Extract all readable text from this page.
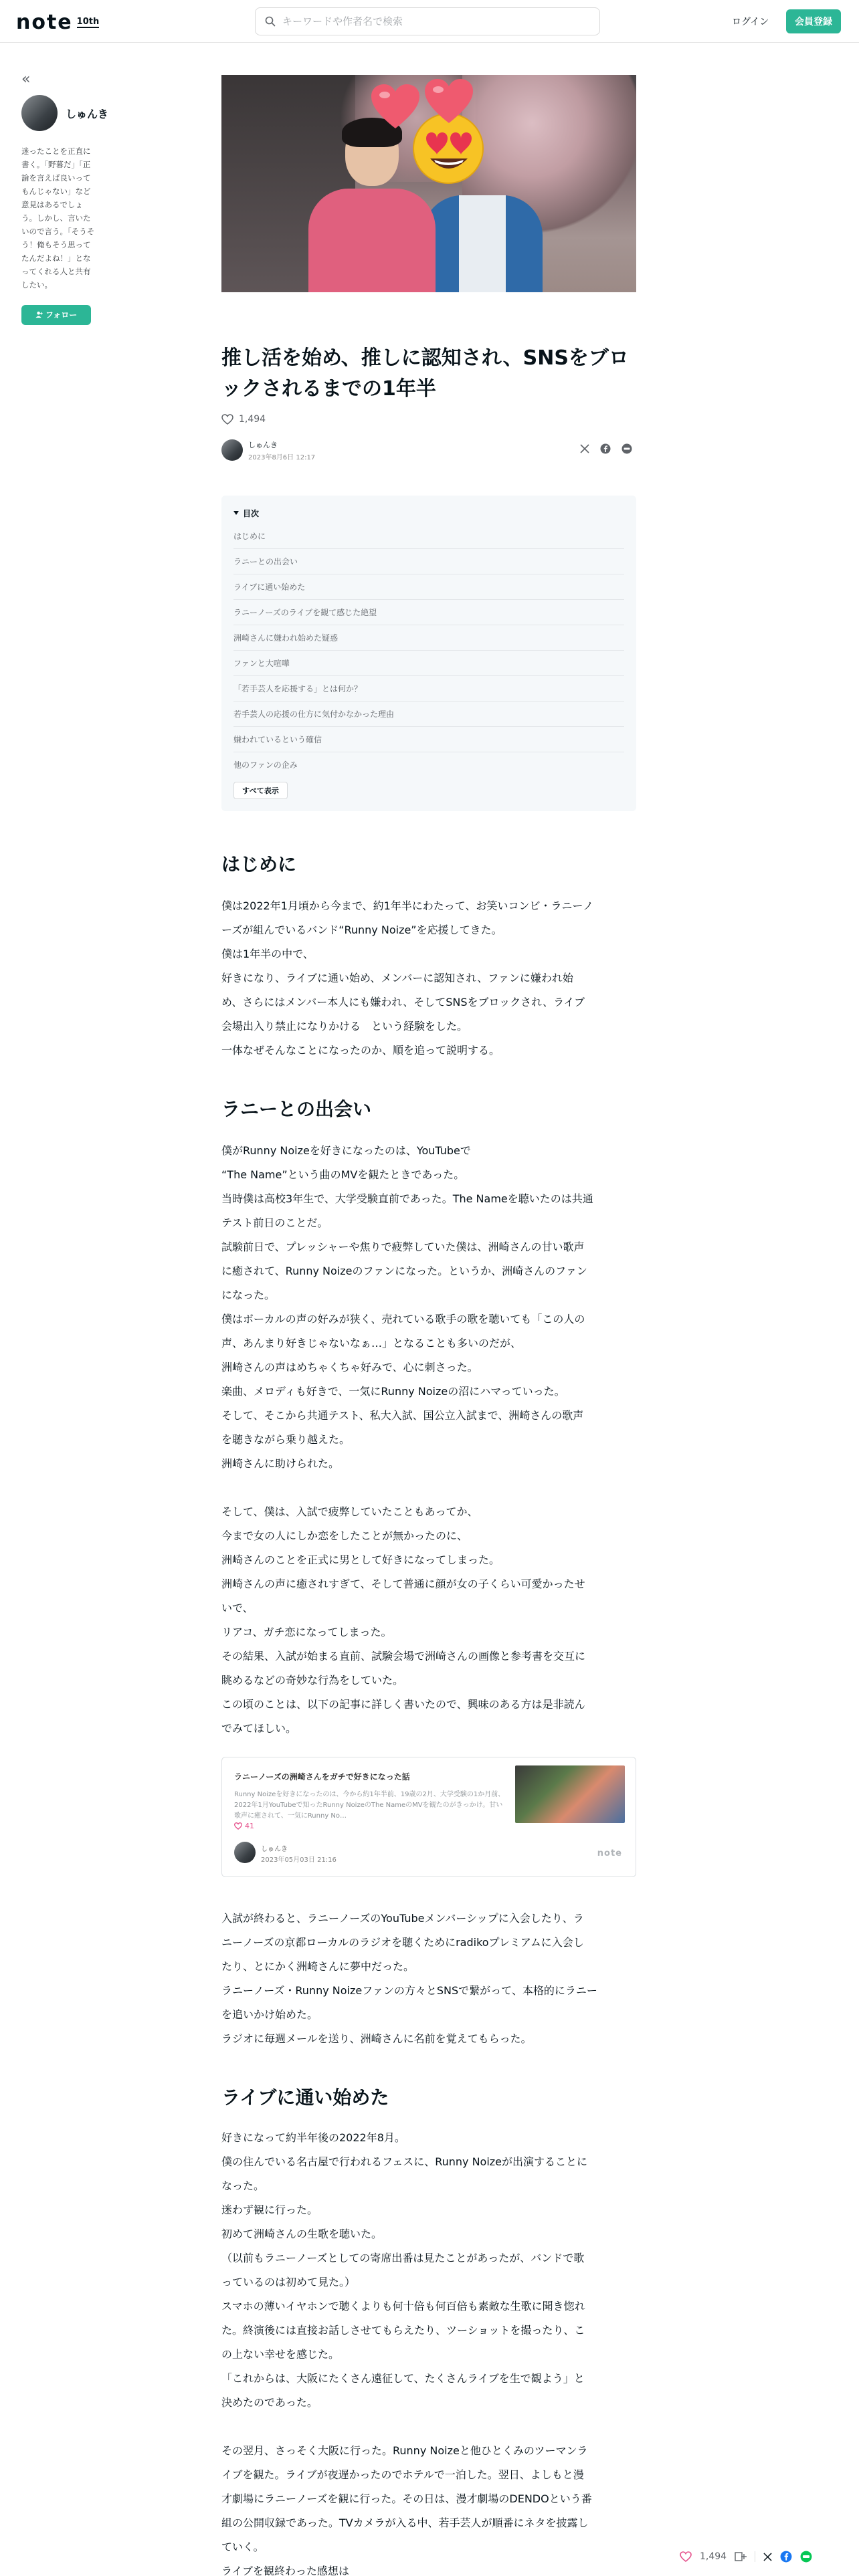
note 10th
キーワードや作者名で検索	ログイン	会員登録
«
しゅんき

迷ったことを正直に書く。「野暮だ」「正論を言えば良いってもんじゃない」など意見はあるでしょう。しかし、言いたいので言う。「そうそう！俺もそう思ってたんだよね！」となってくれる人と共有したい。

フォロー
推し活を始め、推しに認知され、SNSをブロックされるまでの1年半
1,494
しゅんき
2023年8月6日 12:17
目次
はじめに
ラニーとの出会い
ライブに通い始めた
ラニーノーズのライブを観て感じた絶望
洲崎さんに嫌われ始めた疑惑
ファンと大喧嘩
「若手芸人を応援する」とは何か？
若手芸人の応援の仕方に気付かなかった理由
嫌われているという確信
他のファンの企み
すべて表示
はじめに

僕は2022年1月頃から今まで、約1年半にわたって、お笑いコンビ・ラニーノ

ーズが組んでいるバンド“Runny Noize”を応援してきた。

僕は1年半の中で、

好きになり、ライブに通い始め、メンバーに認知され、ファンに嫌われ始

め、さらにはメンバー本人にも嫌われ、そしてSNSをブロックされ、ライブ

会場出入り禁止になりかける　という経験をした。

一体なぜそんなことになったのか、順を追って説明する。

ラニーとの出会い

僕がRunny Noizeを好きになったのは、YouTubeで

“The Name”という曲のMVを観たときであった。

当時僕は高校3年生で、大学受験直前であった。The Nameを聴いたのは共通

テスト前日のことだ。

試験前日で、プレッシャーや焦りで疲弊していた僕は、洲崎さんの甘い歌声

に癒されて、Runny Noizeのファンになった。というか、洲崎さんのファン

になった。

僕はボーカルの声の好みが狭く、売れている歌手の歌を聴いても「この人の

声、あんまり好きじゃないなぁ…」となることも多いのだが、

洲崎さんの声はめちゃくちゃ好みで、心に刺さった。

楽曲、メロディも好きで、一気にRunny Noizeの沼にハマっていった。

そして、そこから共通テスト、私大入試、国公立入試まで、洲崎さんの歌声

を聴きながら乗り越えた。

洲崎さんに助けられた。

そして、僕は、入試で疲弊していたこともあってか、

今まで女の人にしか恋をしたことが無かったのに、

洲崎さんのことを正式に男として好きになってしまった。

洲崎さんの声に癒されすぎて、そして普通に顔が女の子くらい可愛かったせ

いで、

リアコ、ガチ恋になってしまった。

その結果、入試が始まる直前、試験会場で洲崎さんの画像と参考書を交互に

眺めるなどの奇妙な行為をしていた。

この頃のことは、以下の記事に詳しく書いたので、興味のある方は是非読ん

でみてほしい。

ラニーノーズの洲崎さんをガチで好きになった話
Runny Noizeを好きになったのは、今から約1年半前、19歳の2月、大学受験の1か月前、2022年1月YouTubeで知ったRunny NoizeのThe NameのMVを観たのがきっかけ。甘い歌声に癒されて、一気にRunny No…
41
しゅんき
2023年05月03日 21:16
note

入試が終わると、ラニーノーズのYouTubeメンバーシップに入会したり、ラ

ニーノーズの京都ローカルのラジオを聴くためにradikoプレミアムに入会し

たり、とにかく洲崎さんに夢中だった。

ラニーノーズ・Runny Noizeファンの方々とSNSで繋がって、本格的にラニー

を追いかけ始めた。

ラジオに毎週メールを送り、洲崎さんに名前を覚えてもらった。

ライブに通い始めた

好きになって約半年後の2022年8月。

僕の住んでいる名古屋で行われるフェスに、Runny Noizeが出演することに

なった。

迷わず観に行った。

初めて洲崎さんの生歌を聴いた。

（以前もラニーノーズとしての寄席出番は見たことがあったが、バンドで歌

っているのは初めて見た。）

スマホの薄いイヤホンで聴くよりも何十倍も何百倍も素敵な生歌に聞き惚れ

た。終演後には直接お話しさせてもらえたり、ツーショットを撮ったり、こ

の上ない幸せを感じた。

「これからは、大阪にたくさん遠征して、たくさんライブを生で観よう」と

決めたのであった。

その翌月、さっそく大阪に行った。Runny Noizeと他ひとくみのツーマンラ

イブを観た。ライブが夜遅かったのでホテルで一泊した。翌日、よしもと漫

才劇場にラニーノーズを観に行った。その日は、漫才劇場のDENDOという番

組の公開収録であった。TVカメラが入る中、若手芸人が順番にネタを披露し

ていく。

ライブを観終わった感想は

1,494
